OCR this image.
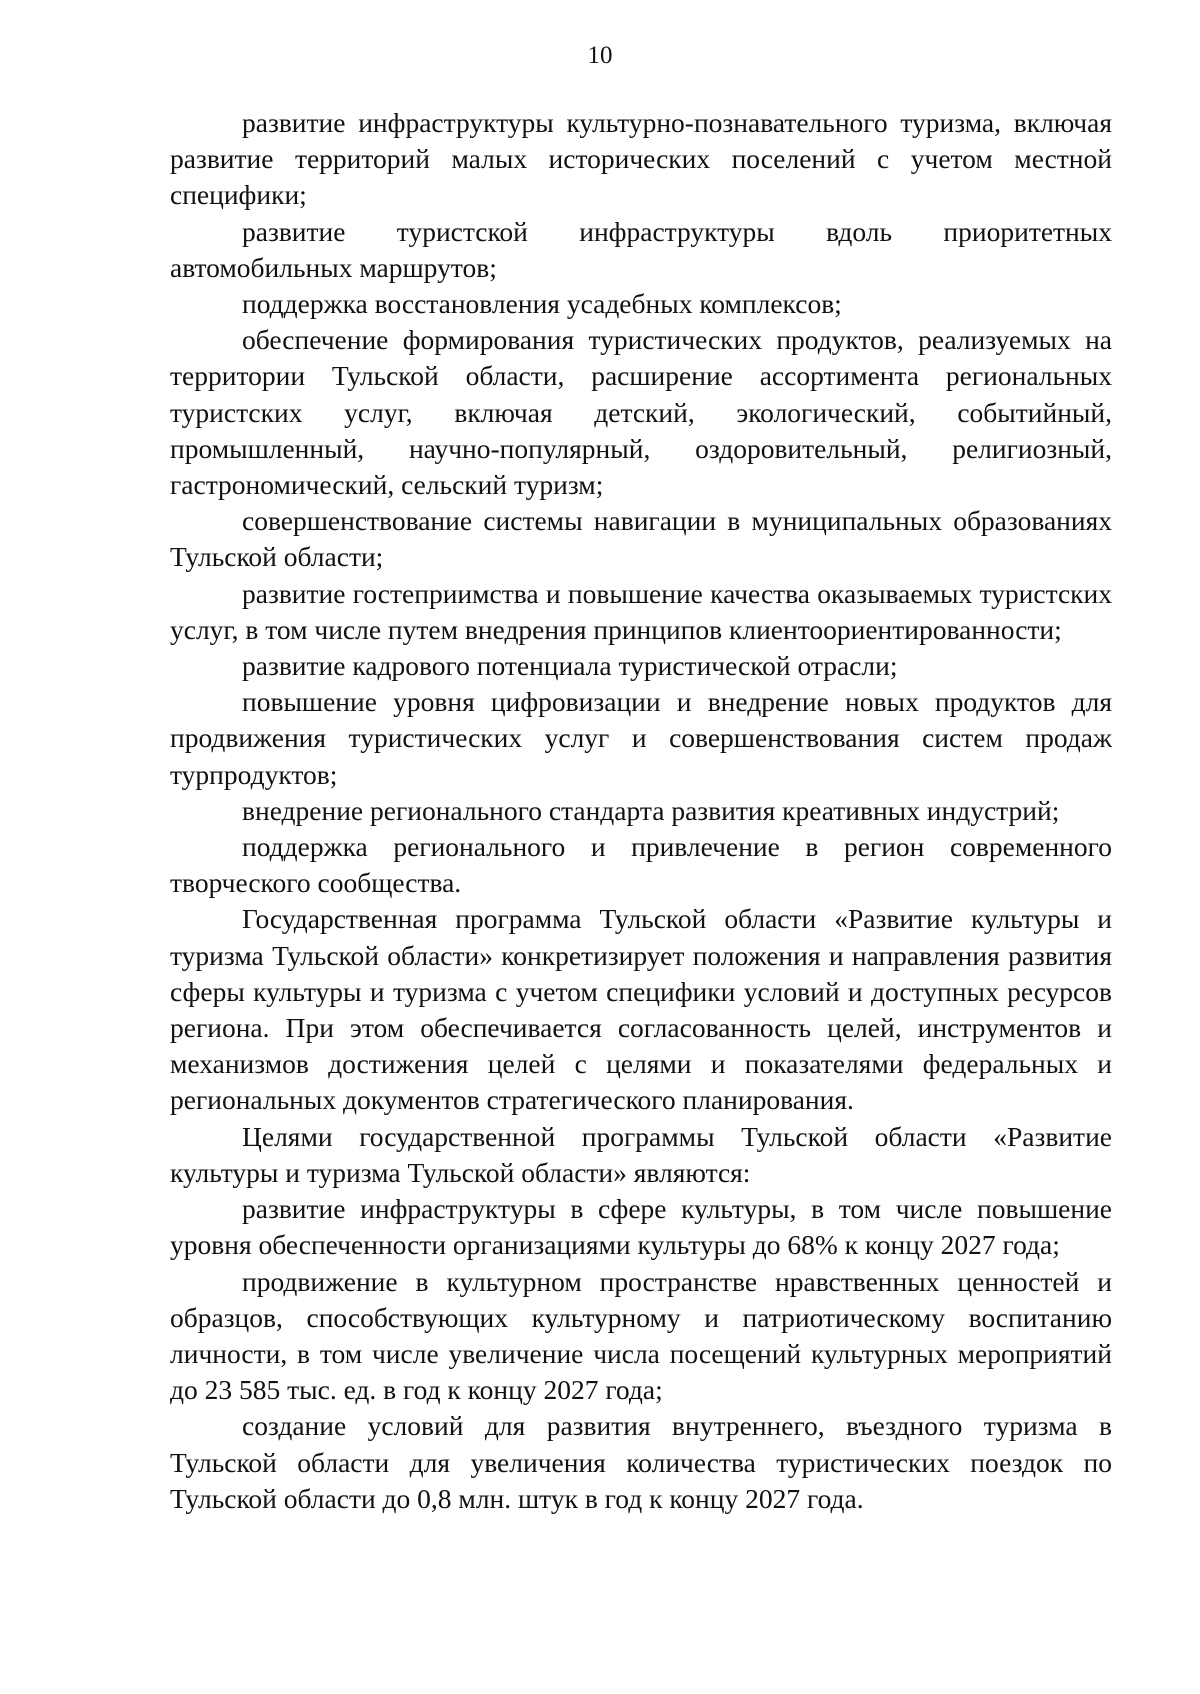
10

развитие инфраструктуры культурно-познавательного туризма, включая развитие территорий малых исторических поселений с учетом местной специфики;

развитие туристской инфраструктуры вдоль приоритетных автомобильных маршрутов;

поддержка восстановления усадебных комплексов;

обеспечение формирования туристических продуктов, реализуемых на территории Тульской области, расширение ассортимента региональных туристских услуг, включая детский, экологический, событийный, промышленный, научно-популярный, оздоровительный, религиозный, гастрономический, сельский туризм;

совершенствование системы навигации в муниципальных образованиях Тульской области;

развитие гостеприимства и повышение качества оказываемых туристских услуг, в том числе путем внедрения принципов клиентоориентированности;

развитие кадрового потенциала туристической отрасли;

повышение уровня цифровизации и внедрение новых продуктов для продвижения туристических услуг и совершенствования систем продаж турпродуктов;

внедрение регионального стандарта развития креативных индустрий;

поддержка регионального и привлечение в регион современного творческого сообщества.

Государственная программа Тульской области «Развитие культуры и туризма Тульской области» конкретизирует положения и направления развития сферы культуры и туризма с учетом специфики условий и доступных ресурсов региона. При этом обеспечивается согласованность целей, инструментов и механизмов достижения целей с целями и показателями федеральных и региональных документов стратегического планирования.

Целями государственной программы Тульской области «Развитие культуры и туризма Тульской области» являются:

развитие инфраструктуры в сфере культуры, в том числе повышение уровня обеспеченности организациями культуры до 68% к концу 2027 года;

продвижение в культурном пространстве нравственных ценностей и образцов, способствующих культурному и патриотическому воспитанию личности, в том числе увеличение числа посещений культурных мероприятий до 23 585 тыс. ед. в год к концу 2027 года;

создание условий для развития внутреннего, въездного туризма в Тульской области для увеличения количества туристических поездок по Тульской области до 0,8 млн. штук в год к концу 2027 года.
